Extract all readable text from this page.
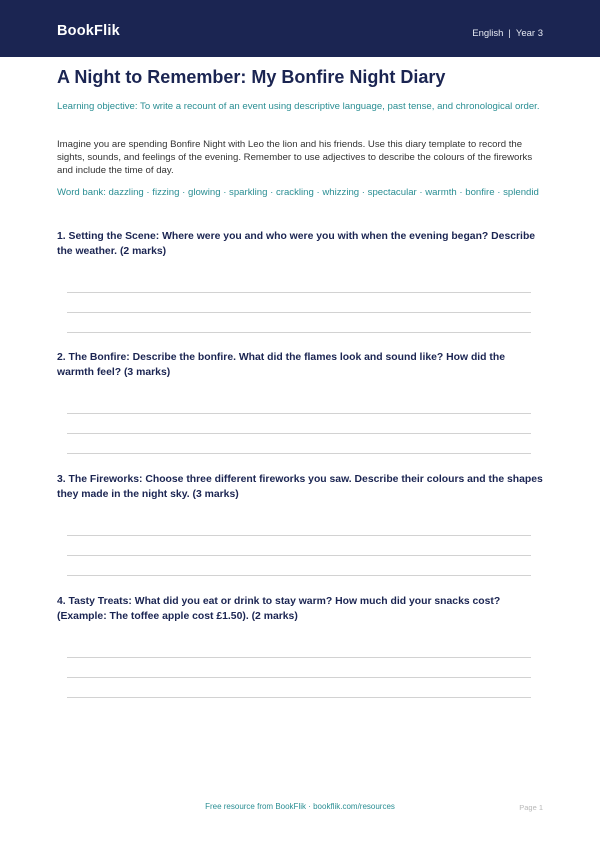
BookFlik	English | Year 3
A Night to Remember: My Bonfire Night Diary
Learning objective: To write a recount of an event using descriptive language, past tense, and chronological order.
Imagine you are spending Bonfire Night with Leo the lion and his friends. Use this diary template to record the sights, sounds, and feelings of the evening. Remember to use adjectives to describe the colours of the fireworks and include the time of day.
Word bank: dazzling · fizzing · glowing · sparkling · crackling · whizzing · spectacular · warmth · bonfire · splendid
1. Setting the Scene: Where were you and who were you with when the evening began? Describe the weather. (2 marks)
2. The Bonfire: Describe the bonfire. What did the flames look and sound like? How did the warmth feel? (3 marks)
3. The Fireworks: Choose three different fireworks you saw. Describe their colours and the shapes they made in the night sky. (3 marks)
4. Tasty Treats: What did you eat or drink to stay warm? How much did your snacks cost? (Example: The toffee apple cost £1.50). (2 marks)
Free resource from BookFlik · bookflik.com/resources	Page 1
